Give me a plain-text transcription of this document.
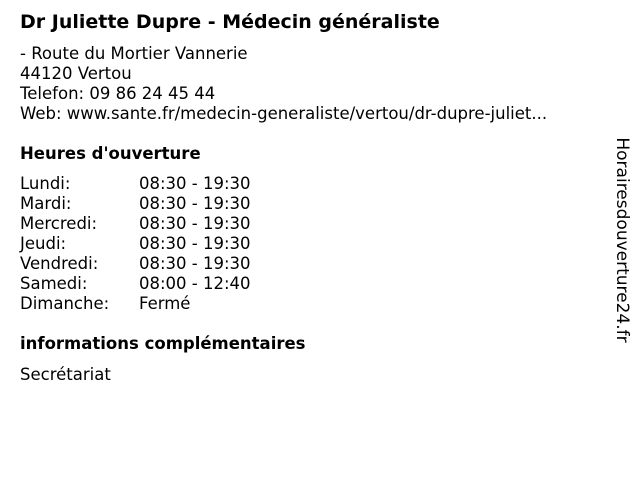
Dr Juliette Dupre - Médecin généraliste
- Route du Mortier Vannerie
44120 Vertou
Telefon: 09 86 24 45 44
Web: www.sante.fr/medecin-generaliste/vertou/dr-dupre-juliet...
Heures d'ouverture
Lundi:	08:30 - 19:30
Mardi:	08:30 - 19:30
Mercredi:	08:30 - 19:30
Jeudi:	08:30 - 19:30
Vendredi: 08:30 - 19:30
Samedi:	08:00 - 12:40
Dimanche: Fermé
informations complémentaires
Secrétariat
Horairesdouverture24.fr
